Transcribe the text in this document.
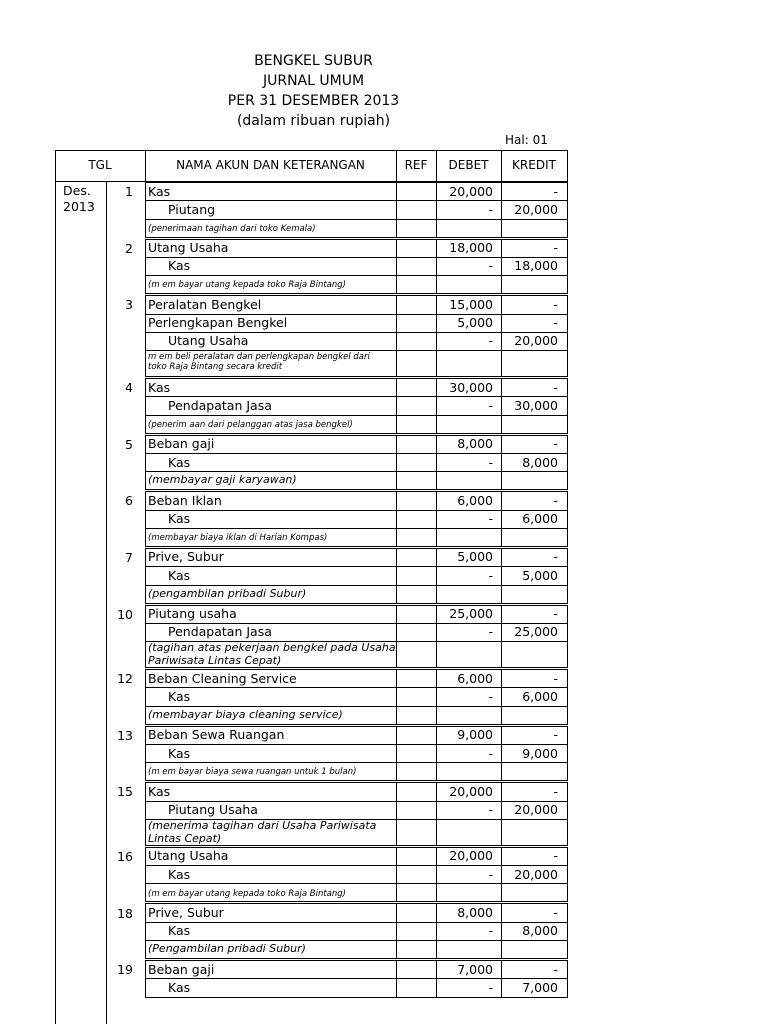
BENGKEL SUBUR
JURNAL UMUM
PER 31 DESEMBER 2013
(dalam ribuan rupiah)
Hal: 01
TGL	NAMA AKUN DAN KETERANGAN	REF	DEBET	KREDIT
Des.
2013
1 Kas	20,000	-
Piutang	-	20,000
(penerimaan tagihan dari toko Kemala)
2 Utang Usaha	18,000	-
Kas	-	18,000
(m em bayar utang kepada toko Raja Bintang)
3 Peralatan Bengkel	15,000	-
Perlengkapan Bengkel	5,000	-
Utang Usaha	-	20,000
m em beli peralatan dan perlengkapan bengkel dari
toko Raja Bintang secara kredit
4 Kas	30,000	-
Pendapatan Jasa	-	30,000
(penerim aan dari pelanggan atas jasa bengkel)
5 Beban gaji	8,000	-
Kas	-	8,000
(membayar gaji karyawan)
6 Beban Iklan	6,000	-
Kas	-	6,000
(membayar biaya iklan di Harian Kompas)
7 Prive, Subur	5,000	-
Kas	-	5,000
(pengambilan pribadi Subur)
10 Piutang usaha	25,000	-
Pendapatan Jasa	-	25,000
(tagihan atas pekerjaan bengkel pada Usaha
Pariwisata Lintas Cepat)
12 Beban Cleaning Service	6,000	-
Kas	-	6,000
(membayar biaya cleaning service)
13 Beban Sewa Ruangan	9,000	-
Kas	-	9,000
(m em bayar biaya sewa ruangan untuk 1 bulan)
15 Kas	20,000	-
Piutang Usaha	-	20,000
(menerima tagihan dari Usaha Pariwisata
Lintas Cepat)
16 Utang Usaha	20,000	-
Kas	-	20,000
(m em bayar utang kepada toko Raja Bintang)
18 Prive, Subur	8,000	-
Kas	-	8,000
(Pengambilan pribadi Subur)
19 Beban gaji	7,000	-
Kas	-	7,000
